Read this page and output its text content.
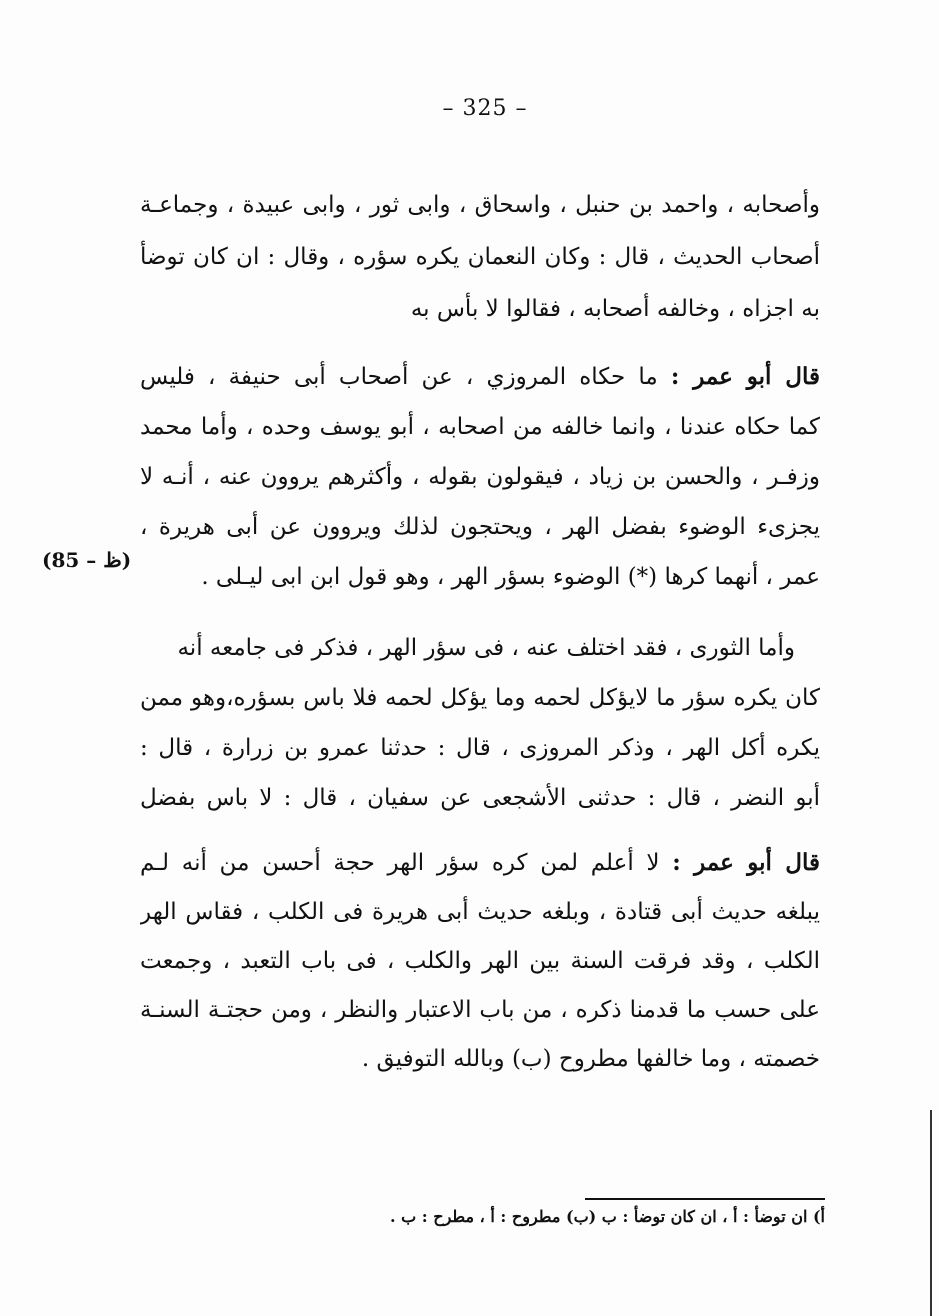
– 325 –
(85 – ظ)
وأصحابه ، واحمد بن حنبل ، واسحاق ، وابى ثور ، وابى عبيدة ، وجماعـة
أصحاب الحديث ، قال : وكان النعمان يكره سؤره ، وقال : ان كان توضأ
به اجزاه ، وخالفه أصحابه ، فقالوا لا بأس به
قال أبو عمر : ما حكاه المروزي ، عن أصحاب أبى حنيفة ، فليس
كما حكاه عندنا ، وانما خالفه من اصحابه ، أبو يوسف وحده ، وأما محمد
وزفـر ، والحسن بن زياد ، فيقولون بقوله ، وأكثرهم يروون عنه ، أنـه لا
يجزىء الوضوء بفضل الهر ، ويحتجون لذلك ويروون عن أبى هريرة ،
عمر ، أنهما كرها (*) الوضوء بسؤر الهر ، وهو قول ابن ابى ليـلى .
وأما الثورى ، فقد اختلف عنه ، فى سؤر الهر ، فذكر فى جامعه أنه
كان يكره سؤر ما لايؤكل لحمه وما يؤكل لحمه فلا باس بسؤره،وهو ممن
يكره أكل الهر ، وذكر المروزى ، قال : حدثنا عمرو بن زرارة ، قال :
أبو النضر ، قال : حدثنى الأشجعى عن سفيان ، قال : لا باس بفضل
قال أبو عمر : لا أعلم لمن كره سؤر الهر حجة أحسن من أنه لـم
يبلغه حديث أبى قتادة ، وبلغه حديث أبى هريرة فى الكلب ، فقاس الهر
الكلب ، وقد فرقت السنة بين الهر والكلب ، فى باب التعبد ، وجمعت
على حسب ما قدمنا ذكره ، من باب الاعتبار والنظر ، ومن حجتـة السنـة
خصمته ، وما خالفها مطروح (ب) وبالله التوفيق .
أ) ان توضأ : أ ، ان كان توضأ : ب (ب) مطروح : أ ، مطرح : ب .
